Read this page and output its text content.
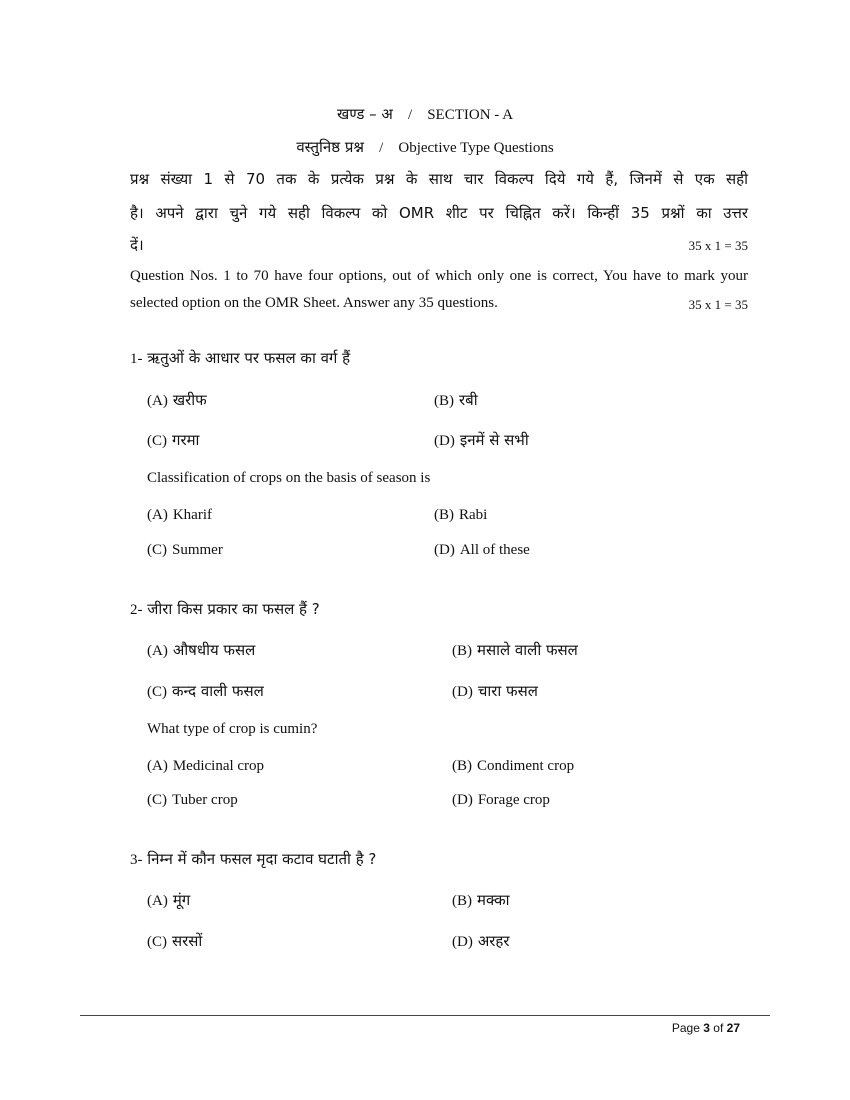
खण्ड – अ / SECTION - A
वस्तुनिष्ठ प्रश्न / Objective Type Questions
प्रश्न संख्या 1 से 70 तक के प्रत्येक प्रश्न के साथ चार विकल्प दिये गये हैं, जिनमें से एक सही
है। अपने द्वारा चुने गये सही विकल्प को OMR शीट पर चिह्नित करें। किन्हीं 35 प्रश्नों का उत्तर
दें।	35 x 1 = 35
Question Nos. 1 to 70 have four options, out of which only one is correct, You have to mark your
selected option on the OMR Sheet. Answer any 35 questions.	35 x 1 = 35
1- ऋतुओं के आधार पर फसल का वर्ग हैं
(A) खरीफ	(B) रबी
(C) गरमा	(D) इनमें से सभी
Classification of crops on the basis of season is
(A) Kharif	(B) Rabi
(C) Summer	(D) All of these
2- जीरा किस प्रकार का फसल हैं ?
(A) औषधीय फसल	(B) मसाले वाली फसल
(C) कन्द वाली फसल	(D) चारा फसल
What type of crop is cumin?
(A) Medicinal crop	(B) Condiment crop
(C) Tuber crop	(D) Forage crop
3- निम्न में कौन फसल मृदा कटाव घटाती है ?
(A) मूंग	(B) मक्का
(C) सरसों	(D) अरहर
Page 3 of 27
